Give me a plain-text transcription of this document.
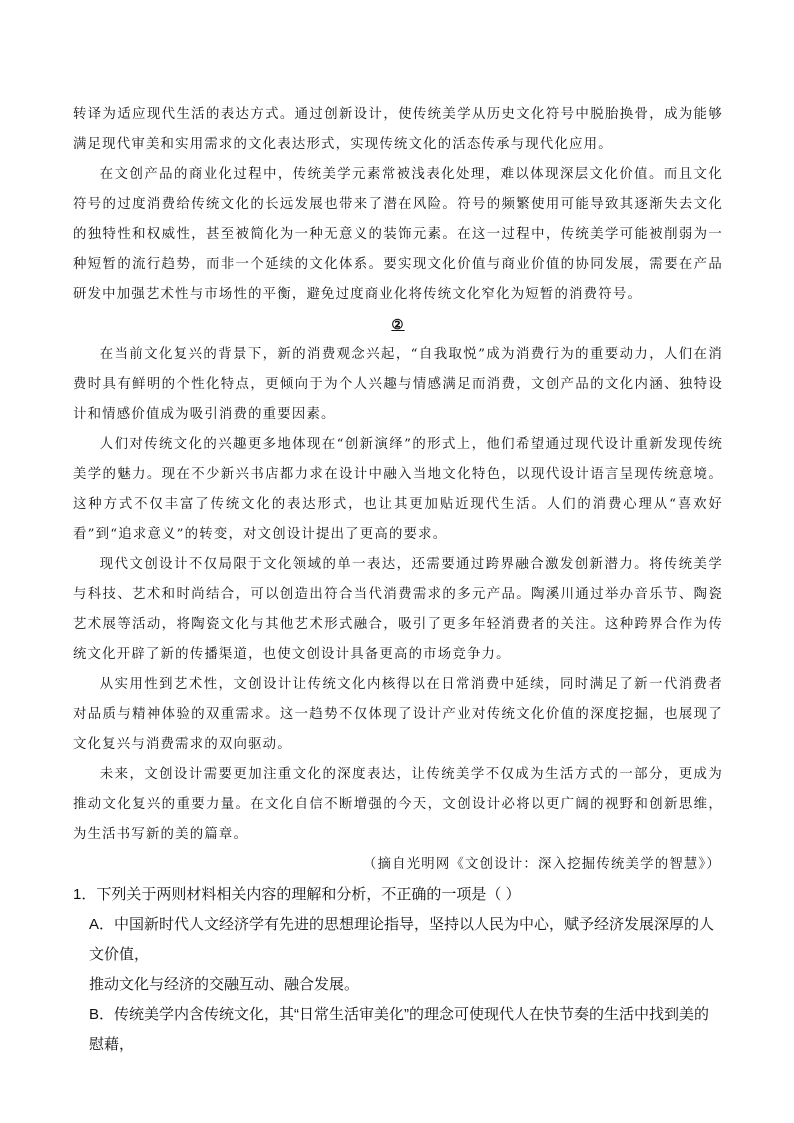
转译为适应现代生活的表达方式。通过创新设计，使传统美学从历史文化符号中脱胎换骨，成为能够满足现代审美和实用需求的文化表达形式，实现传统文化的活态传承与现代化应用。

在文创产品的商业化过程中，传统美学元素常被浅表化处理，难以体现深层文化价值。而且文化符号的过度消费给传统文化的长远发展也带来了潜在风险。符号的频繁使用可能导致其逐渐失去文化的独特性和权威性，甚至被简化为一种无意义的装饰元素。在这一过程中，传统美学可能被削弱为一种短暂的流行趋势，而非一个延续的文化体系。要实现文化价值与商业价值的协同发展，需要在产品研发中加强艺术性与市场性的平衡，避免过度商业化将传统文化窄化为短暂的消费符号。

②

在当前文化复兴的背景下，新的消费观念兴起，“自我取悦”成为消费行为的重要动力，人们在消费时具有鲜明的个性化特点，更倾向于为个人兴趣与情感满足而消费，文创产品的文化内涵、独特设计和情感价值成为吸引消费的重要因素。

人们对传统文化的兴趣更多地体现在“创新演绎”的形式上，他们希望通过现代设计重新发现传统美学的魅力。现在不少新兴书店都力求在设计中融入当地文化特色，以现代设计语言呈现传统意境。这种方式不仅丰富了传统文化的表达形式，也让其更加贴近现代生活。人们的消费心理从“喜欢好看”到“追求意义”的转变，对文创设计提出了更高的要求。

现代文创设计不仅局限于文化领域的单一表达，还需要通过跨界融合激发创新潜力。将传统美学与科技、艺术和时尚结合，可以创造出符合当代消费需求的多元产品。陶溪川通过举办音乐节、陶瓷艺术展等活动，将陶瓷文化与其他艺术形式融合，吸引了更多年轻消费者的关注。这种跨界合作为传统文化开辟了新的传播渠道，也使文创设计具备更高的市场竞争力。

从实用性到艺术性，文创设计让传统文化内核得以在日常消费中延续，同时满足了新一代消费者对品质与精神体验的双重需求。这一趋势不仅体现了设计产业对传统文化价值的深度挖掘，也展现了文化复兴与消费需求的双向驱动。

未来，文创设计需要更加注重文化的深度表达，让传统美学不仅成为生活方式的一部分，更成为推动文化复兴的重要力量。在文化自信不断增强的今天，文创设计必将以更广阔的视野和创新思维，为生活书写新的美的篇章。

（摘自光明网《文创设计：深入挖掘传统美学的智慧》）

1．下列关于两则材料相关内容的理解和分析，不正确的一项是（ ）

A．中国新时代人文经济学有先进的思想理论指导，坚持以人民为中心，赋予经济发展深厚的人文价值，

推动文化与经济的交融互动、融合发展。

B．传统美学内含传统文化，其“日常生活审美化”的理念可使现代人在快节奏的生活中找到美的慰藉，
